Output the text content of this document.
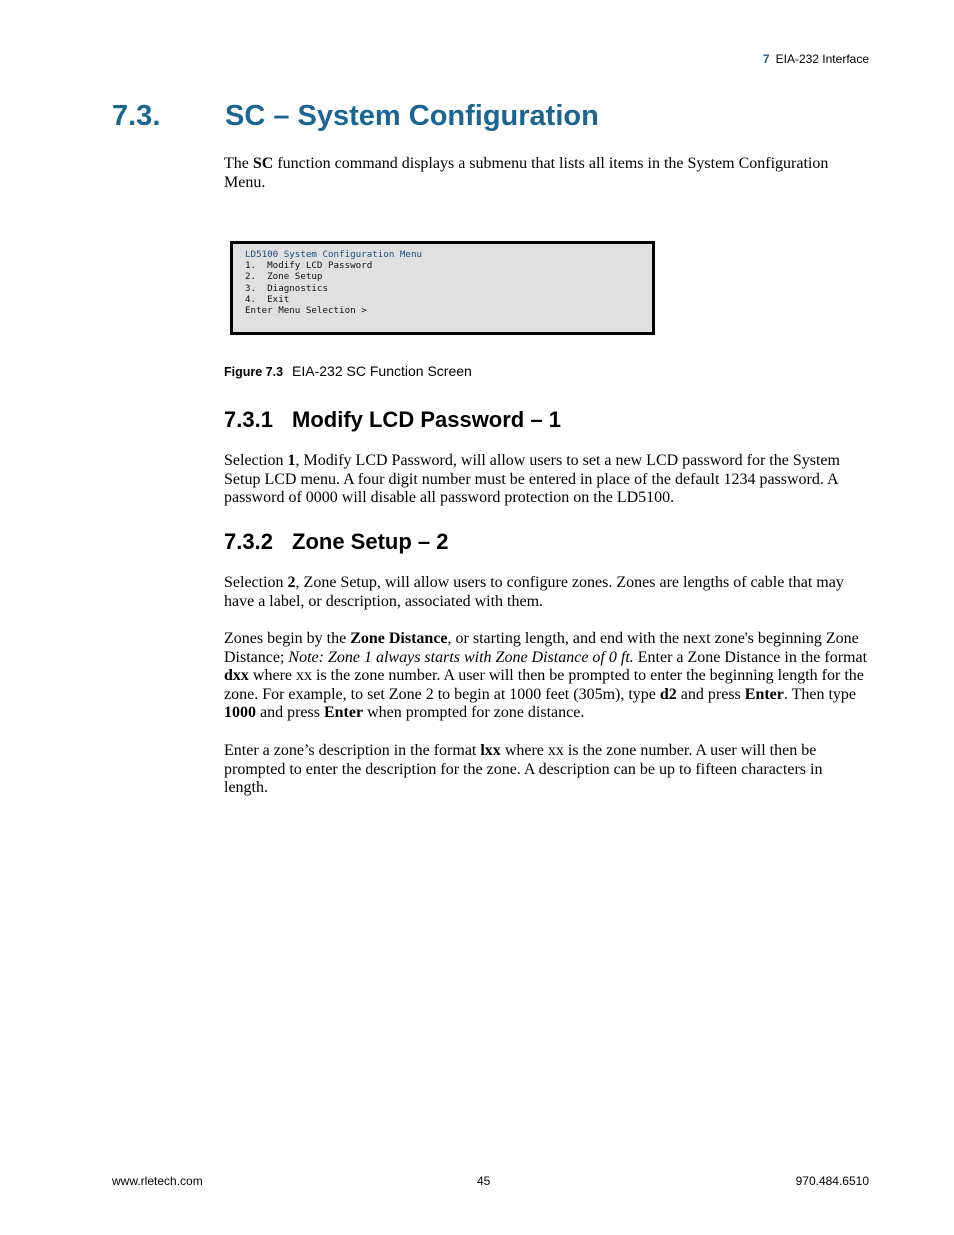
7 EIA-232 Interface
7.3. SC – System Configuration

The SC function command displays a submenu that lists all items in the System Configuration Menu.

LD5100 System Configuration Menu
1.  Modify LCD Password
2.  Zone Setup
3.  Diagnostics
4.  Exit
Enter Menu Selection >
Figure 7.3 EIA-232 SC Function Screen
7.3.1 Modify LCD Password – 1

Selection 1, Modify LCD Password, will allow users to set a new LCD password for the System Setup LCD menu. A four digit number must be entered in place of the default 1234 password. A password of 0000 will disable all password protection on the LD5100.

7.3.2 Zone Setup – 2

Selection 2, Zone Setup, will allow users to configure zones. Zones are lengths of cable that may have a label, or description, associated with them.

Zones begin by the Zone Distance, or starting length, and end with the next zone's beginning Zone Distance; Note: Zone 1 always starts with Zone Distance of 0 ft. Enter a Zone Distance in the format dxx where xx is the zone number. A user will then be prompted to enter the beginning length for the zone. For example, to set Zone 2 to begin at 1000 feet (305m), type d2 and press Enter. Then type 1000 and press Enter when prompted for zone distance.

Enter a zone’s description in the format lxx where xx is the zone number. A user will then be prompted to enter the description for the zone. A description can be up to fifteen characters in length.

www.rletech.com	45	970.484.6510
